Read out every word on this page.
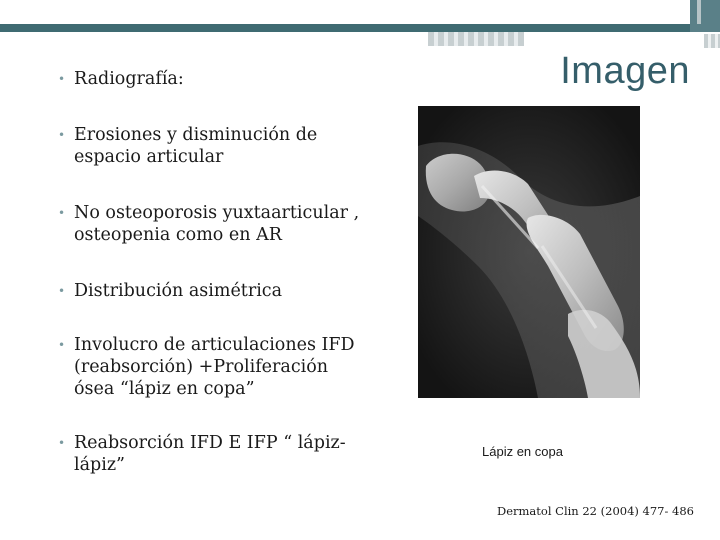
Imagen
• Radiografía:
• Erosiones y disminución de
espacio articular
• No osteoporosis yuxtaarticular ,
osteopenia como en AR
• Distribución asimétrica
• Involucro de articulaciones IFD
(reabsorción) +Proliferación
ósea “lápiz en copa”
• Reabsorción IFD E IFP “ lápiz-
lápiz”
Lápiz en copa
Dermatol Clin 22 (2004) 477- 486
